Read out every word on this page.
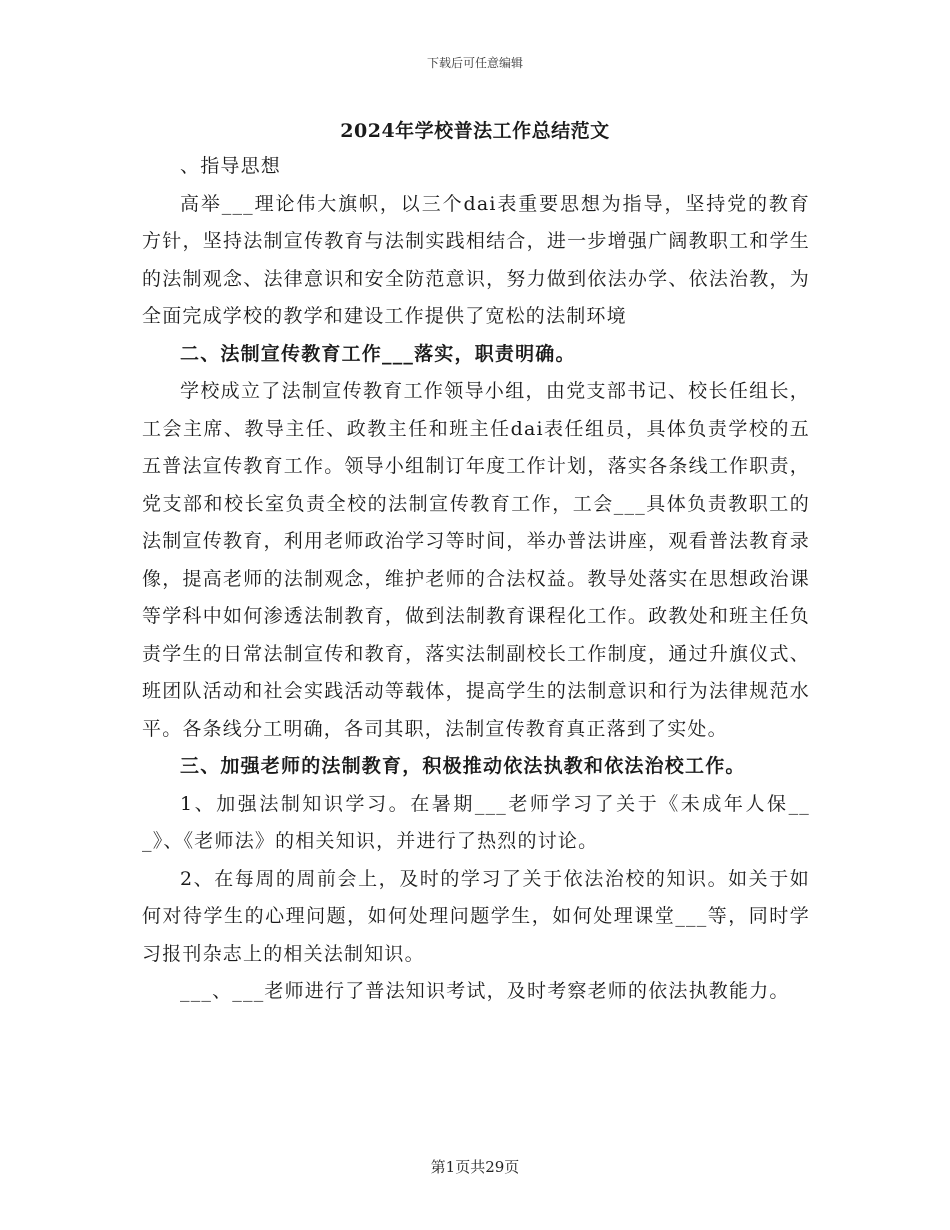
下载后可任意编辑
2024年学校普法工作总结范文

、指导思想

高举___理论伟大旗帜，以三个dai表重要思想为指导，坚持党的教育方针，坚持法制宣传教育与法制实践相结合，进一步增强广阔教职工和学生的法制观念、法律意识和安全防范意识，努力做到依法办学、依法治教，为全面完成学校的教学和建设工作提供了宽松的法制环境

二、法制宣传教育工作___落实，职责明确。

学校成立了法制宣传教育工作领导小组，由党支部书记、校长任组长，工会主席、教导主任、政教主任和班主任dai表任组员，具体负责学校的五五普法宣传教育工作。领导小组制订年度工作计划，落实各条线工作职责，党支部和校长室负责全校的法制宣传教育工作，工会___具体负责教职工的法制宣传教育，利用老师政治学习等时间，举办普法讲座，观看普法教育录像，提高老师的法制观念，维护老师的合法权益。教导处落实在思想政治课等学科中如何渗透法制教育，做到法制教育课程化工作。政教处和班主任负责学生的日常法制宣传和教育，落实法制副校长工作制度，通过升旗仪式、班团队活动和社会实践活动等载体，提高学生的法制意识和行为法律规范水平。各条线分工明确，各司其职，法制宣传教育真正落到了实处。

三、加强老师的法制教育，积极推动依法执教和依法治校工作。

1、加强法制知识学习。在暑期___老师学习了关于《未成年人保___》、《老师法》的相关知识，并进行了热烈的讨论。

2、在每周的周前会上，及时的学习了关于依法治校的知识。如关于如何对待学生的心理问题，如何处理问题学生，如何处理课堂___等，同时学习报刊杂志上的相关法制知识。

___、___老师进行了普法知识考试，及时考察老师的依法执教能力。

第1页共29页
